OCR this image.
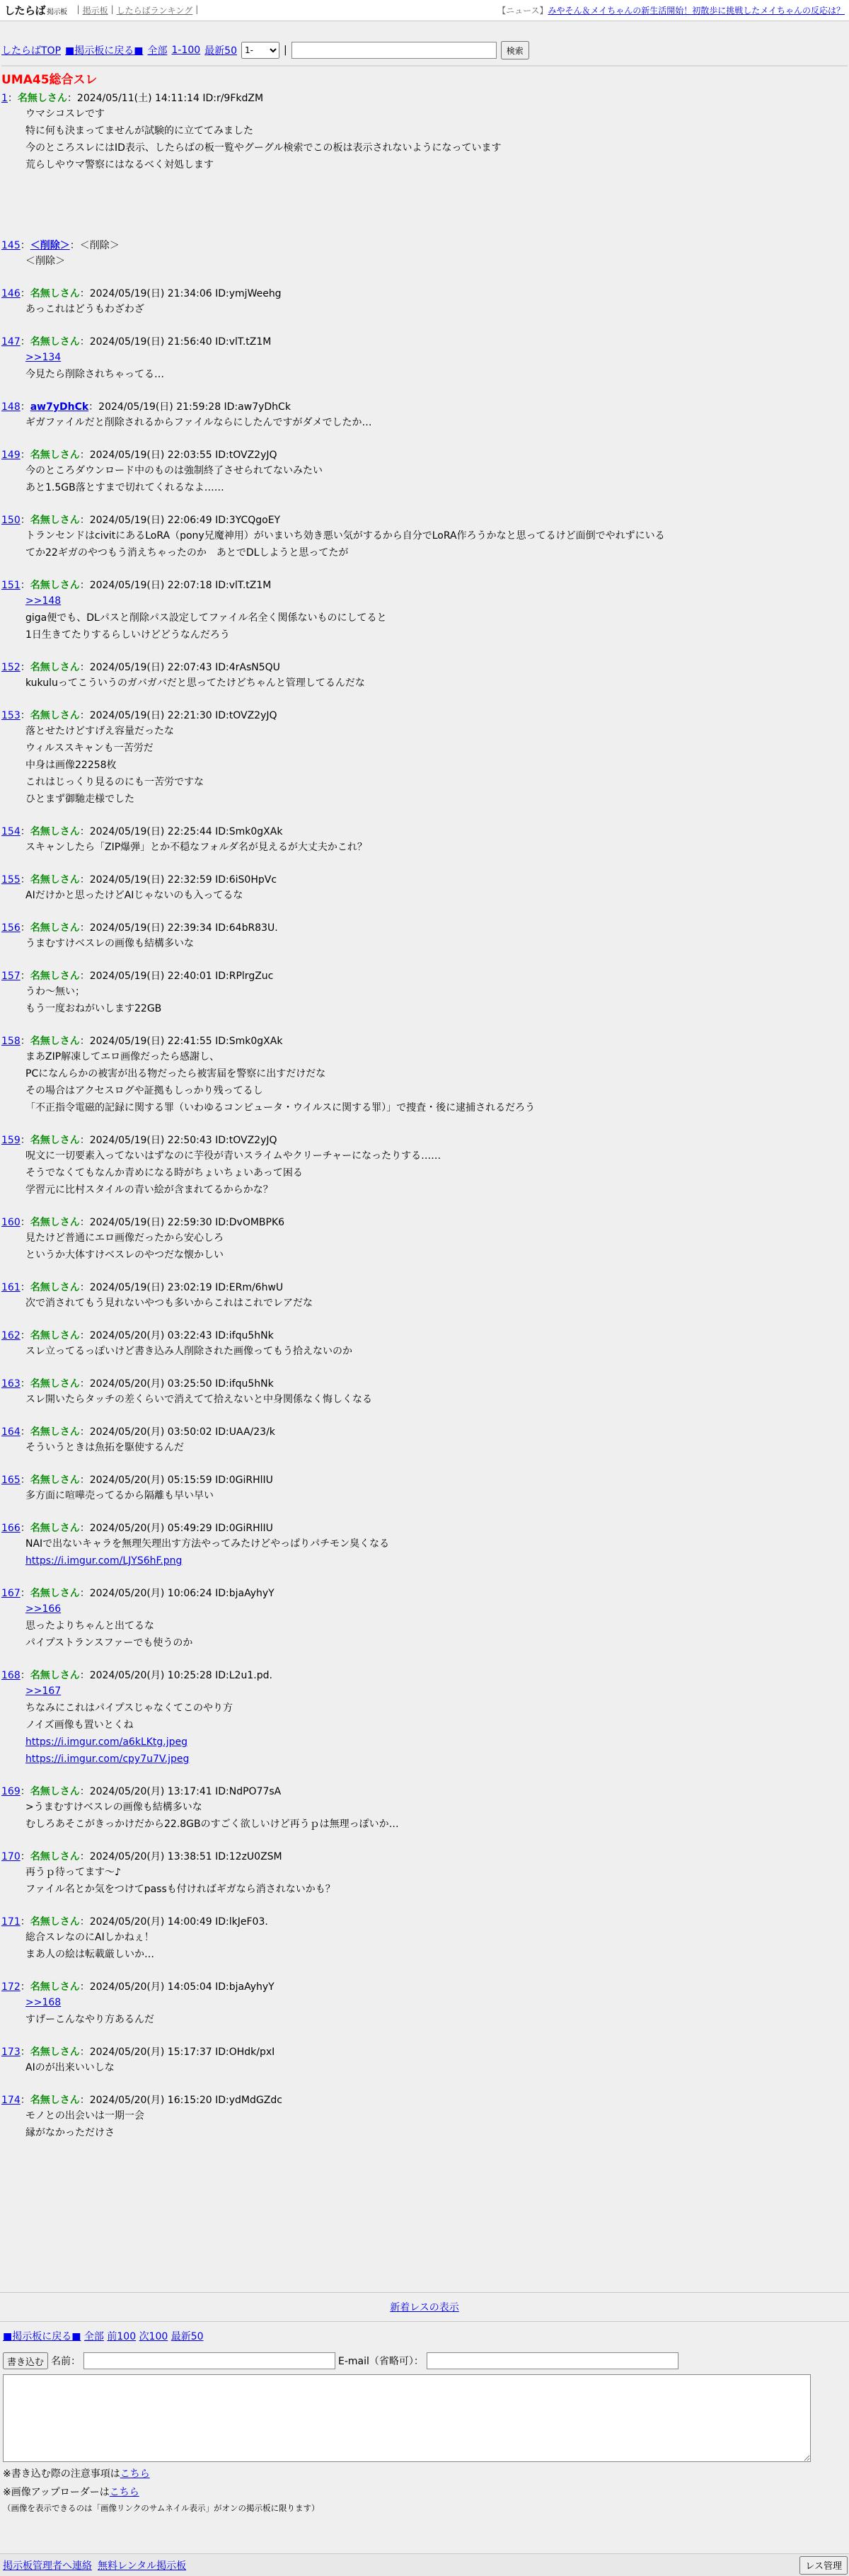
したらば 掲示板 | 掲示板 | したらばランキング |	【ニュース】みやそん＆メイちゃんの新生活開始！初散歩に挑戦したメイちゃんの反応は？
したらばTOP ■掲示板に戻る■ 全部 1-100 最新50
1-	|	検索
UMA45総合スレ
1：名無しさん：2024/05/11(土) 14:11:14 ID:r/9FkdZM
ウマシコスレです
特に何も決まってませんが試験的に立ててみました
今のところスレにはID表示、したらばの板一覧やグーグル検索でこの板は表示されないようになっています
荒らしやウマ警察にはなるべく対処します

145：＜削除＞：＜削除＞
＜削除＞

146：名無しさん：2024/05/19(日) 21:34:06 ID:ymjWeehg
あっこれはどうもわざわざ

147：名無しさん：2024/05/19(日) 21:56:40 ID:vlT.tZ1M
>>134
今見たら削除されちゃってる…

148：aw7yDhCk：2024/05/19(日) 21:59:28 ID:aw7yDhCk
ギガファイルだと削除されるからファイルならにしたんですがダメでしたか…

149：名無しさん：2024/05/19(日) 22:03:55 ID:tOVZ2yJQ
今のところダウンロード中のものは強制終了させられてないみたい
あと1.5GB落とすまで切れてくれるなよ……

150：名無しさん：2024/05/19(日) 22:06:49 ID:3YCQgoEY
トランセンドはcivitにあるLoRA（pony兄魔神用）がいまいち効き悪い気がするから自分でLoRA作ろうかなと思ってるけど面倒でやれずにいる
てか22ギガのやつもう消えちゃったのか　あとでDLしようと思ってたが

151：名無しさん：2024/05/19(日) 22:07:18 ID:vlT.tZ1M
>>148
giga便でも、DLパスと削除パス設定してファイル名全く関係ないものにしてると
1日生きてたりするらしいけどどうなんだろう

152：名無しさん：2024/05/19(日) 22:07:43 ID:4rAsN5QU
kukuluってこういうのガバガバだと思ってたけどちゃんと管理してるんだな

153：名無しさん：2024/05/19(日) 22:21:30 ID:tOVZ2yJQ
落とせたけどすげえ容量だったな
ウィルススキャンも一苦労だ
中身は画像22258枚
これはじっくり見るのにも一苦労ですな
ひとまず御馳走様でした

154：名無しさん：2024/05/19(日) 22:25:44 ID:Smk0gXAk
スキャンしたら「ZIP爆弾」とか不穏なフォルダ名が見えるが大丈夫かこれ？

155：名無しさん：2024/05/19(日) 22:32:59 ID:6iS0HpVc
AIだけかと思ったけどAIじゃないのも入ってるな

156：名無しさん：2024/05/19(日) 22:39:34 ID:64bR83U.
うまむすけベスレの画像も結構多いな

157：名無しさん：2024/05/19(日) 22:40:01 ID:RPlrgZuc
うわ〜無い；
もう一度おねがいします22GB

158：名無しさん：2024/05/19(日) 22:41:55 ID:Smk0gXAk
まあZIP解凍してエロ画像だったら感謝し、
PCになんらかの被害が出る物だったら被害届を警察に出すだけだな
その場合はアクセスログや証拠もしっかり残ってるし
「不正指令電磁的記録に関する罪（いわゆるコンピュータ・ウイルスに関する罪）」で捜査・後に逮捕されるだろう

159：名無しさん：2024/05/19(日) 22:50:43 ID:tOVZ2yJQ
呪文に一切要素入ってないはずなのに芋役が青いスライムやクリーチャーになったりする……
そうでなくてもなんか青めになる時がちょいちょいあって困る
学習元に比村スタイルの青い絵が含まれてるからかな？

160：名無しさん：2024/05/19(日) 22:59:30 ID:DvOMBPK6
見たけど普通にエロ画像だったから安心しろ
というか大体すけベスレのやつだな懐かしい

161：名無しさん：2024/05/19(日) 23:02:19 ID:ERm/6hwU
次で消されてもう見れないやつも多いからこれはこれでレアだな

162：名無しさん：2024/05/20(月) 03:22:43 ID:ifqu5hNk
スレ立ってるっぽいけど書き込み人削除された画像ってもう拾えないのか

163：名無しさん：2024/05/20(月) 03:25:50 ID:ifqu5hNk
スレ開いたらタッチの差くらいで消えてて拾えないと中身関係なく悔しくなる

164：名無しさん：2024/05/20(月) 03:50:02 ID:UAA/23/k
そういうときは魚拓を駆使するんだ

165：名無しさん：2024/05/20(月) 05:15:59 ID:0GiRHlIU
多方面に喧嘩売ってるから隔離も早い早い

166：名無しさん：2024/05/20(月) 05:49:29 ID:0GiRHlIU
NAIで出ないキャラを無理矢理出す方法やってみたけどやっぱりパチモン臭くなる
https://i.imgur.com/LJYS6hF.png

167：名無しさん：2024/05/20(月) 10:06:24 ID:bjaAyhyY
>>166
思ったよりちゃんと出てるな
パイプストランスファーでも使うのか

168：名無しさん：2024/05/20(月) 10:25:28 ID:L2u1.pd.
>>167
ちなみにこれはパイプスじゃなくてこのやり方
ノイズ画像も置いとくね
https://i.imgur.com/a6kLKtg.jpeg
https://i.imgur.com/cpy7u7V.jpeg

169：名無しさん：2024/05/20(月) 13:17:41 ID:NdPO77sA
>うまむすけベスレの画像も結構多いな
むしろあそこがきっかけだから22.8GBのすごく欲しいけど再うｐは無理っぽいか…

170：名無しさん：2024/05/20(月) 13:38:51 ID:12zU0ZSM
再うｐ待ってます〜♪
ファイル名とか気をつけてpassも付ければギガなら消されないかも？

171：名無しさん：2024/05/20(月) 14:00:49 ID:lkJeF03.
総合スレなのにAIしかねぇ！
まあ人の絵は転載厳しいか…

172：名無しさん：2024/05/20(月) 14:05:04 ID:bjaAyhyY
>>168
すげーこんなやり方あるんだ

173：名無しさん：2024/05/20(月) 15:17:37 ID:OHdk/pxI
AIのが出来いいしな

174：名無しさん：2024/05/20(月) 16:15:20 ID:ydMdGZdc
モノとの出会いは一期一会
縁がなかっただけさ

新着レスの表示
■掲示板に戻る■ 全部 前100 次100 最新50
書き込む 名前：	E-mail（省略可）：
※書き込む際の注意事項はこちら
※画像アップローダーはこちら
（画像を表示できるのは「画像リンクのサムネイル表示」がオンの掲示板に限ります）
掲示板管理者へ連絡 無料レンタル掲示板	レス管理
